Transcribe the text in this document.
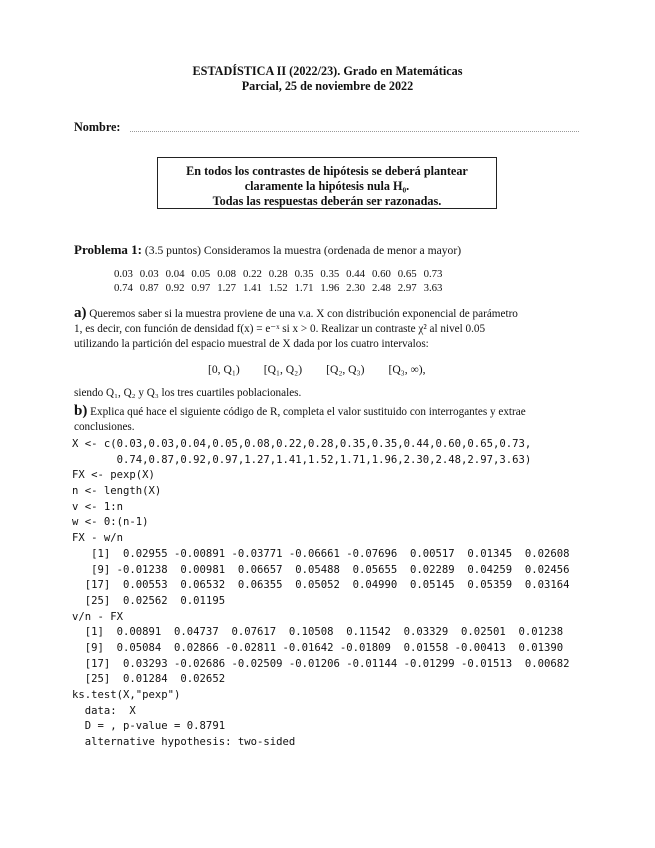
ESTADÍSTICA II (2022/23). Grado en Matemáticas
Parcial, 25 de noviembre de 2022
Nombre:
En todos los contrastes de hipótesis se deberá plantear
claramente la hipótesis nula H₀.
Todas las respuestas deberán ser razonadas.
Problema 1: (3.5 puntos) Consideramos la muestra (ordenada de menor a mayor)
0.03 0.03 0.04 0.05 0.08 0.22 0.28 0.35 0.35 0.44 0.60 0.65 0.73
0.74 0.87 0.92 0.97 1.27 1.41 1.52 1.71 1.96 2.30 2.48 2.97 3.63
a) Queremos saber si la muestra proviene de una v.a. X con distribución exponencial de parámetro
1, es decir, con función de densidad f(x) = e⁻ˣ si x > 0. Realizar un contraste χ² al nivel 0.05
utilizando la partición del espacio muestral de X dada por los cuatro intervalos:
[0, Q₁) [Q₁, Q₂) [Q₂, Q₃) [Q₃, ∞),
siendo Q₁, Q₂ y Q₃ los tres cuartiles poblacionales.
b) Explica qué hace el siguiente código de R, completa el valor sustituido con interrogantes y extrae
conclusiones.
X <- c(0.03,0.03,0.04,0.05,0.08,0.22,0.28,0.35,0.35,0.44,0.60,0.65,0.73,
0.74,0.87,0.92,0.97,1.27,1.41,1.52,1.71,1.96,2.30,2.48,2.97,3.63)
FX <- pexp(X)
n <- length(X)
v <- 1:n
w <- 0:(n-1)
FX - w/n
[1]  0.02955 -0.00891 -0.03771 -0.06661 -0.07696  0.00517  0.01345  0.02608
[9] -0.01238  0.00981  0.06657  0.05488  0.05655  0.02289  0.04259  0.02456
[17]  0.00553  0.06532  0.06355  0.05052  0.04990  0.05145  0.05359  0.03164
[25]  0.02562  0.01195
v/n - FX
[1]  0.00891  0.04737  0.07617  0.10508  0.11542  0.03329  0.02501  0.01238
[9]  0.05084  0.02866 -0.02811 -0.01642 -0.01809  0.01558 -0.00413  0.01390
[17]  0.03293 -0.02686 -0.02509 -0.01206 -0.01144 -0.01299 -0.01513  0.00682
[25]  0.01284  0.02652
ks.test(X,"pexp")
data:  X
D = , p-value = 0.8791
alternative hypothesis: two-sided
